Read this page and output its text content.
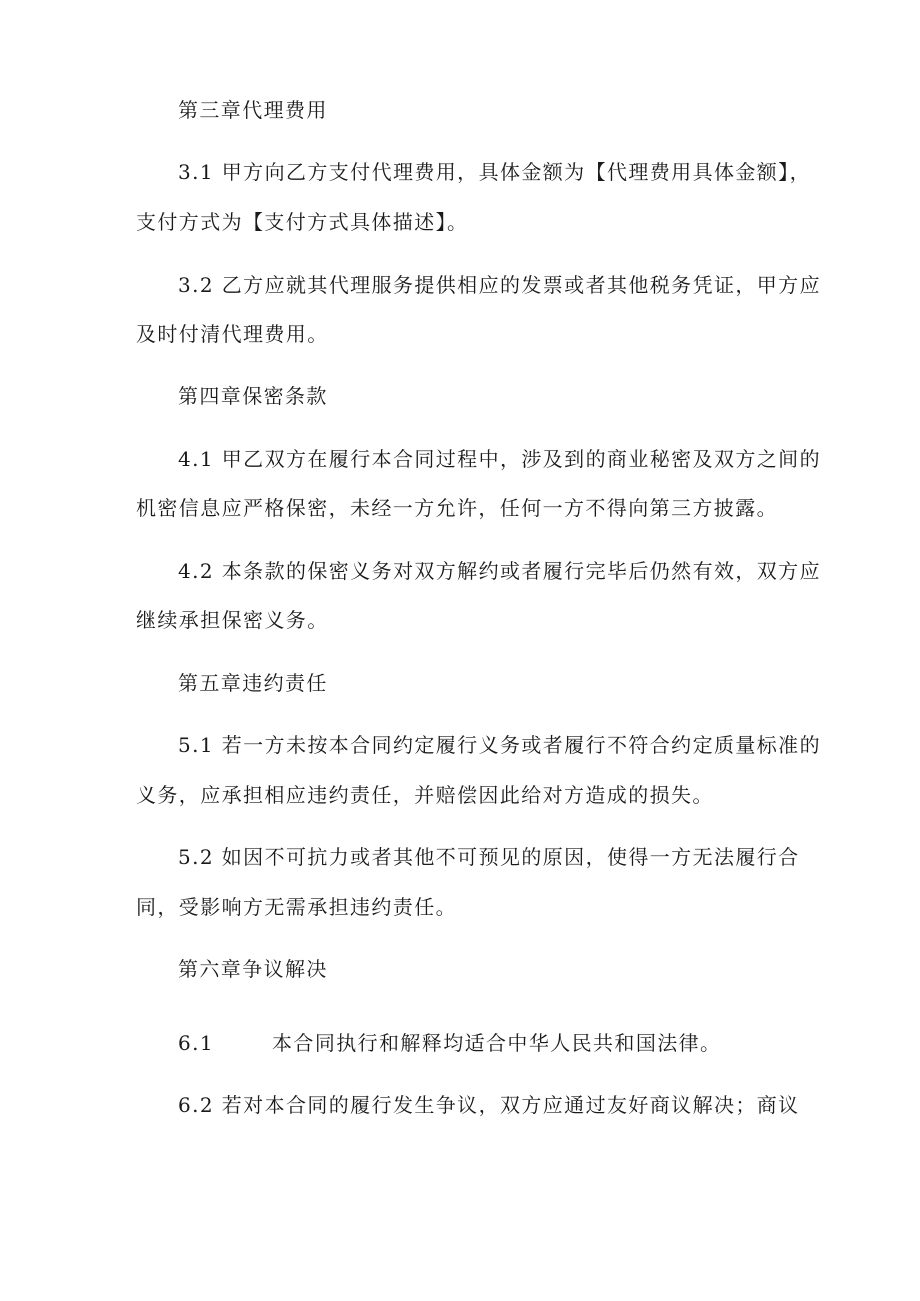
第三章代理费用
3.1 甲方向乙方支付代理费用，具体金额为【代理费用具体金额】，
支付方式为【支付方式具体描述】。
3.2 乙方应就其代理服务提供相应的发票或者其他税务凭证，甲方应
及时付清代理费用。
第四章保密条款
4.1 甲乙双方在履行本合同过程中，涉及到的商业秘密及双方之间的
机密信息应严格保密，未经一方允许，任何一方不得向第三方披露。
4.2 本条款的保密义务对双方解约或者履行完毕后仍然有效，双方应
继续承担保密义务。
第五章违约责任
5.1 若一方未按本合同约定履行义务或者履行不符合约定质量标准的
义务，应承担相应违约责任，并赔偿因此给对方造成的损失。
5.2 如因不可抗力或者其他不可预见的原因，使得一方无法履行合
同，受影响方无需承担违约责任。
第六章争议解决
6.1	本合同执行和解释均适合中华人民共和国法律。
6.2 若对本合同的履行发生争议，双方应通过友好商议解决；商议
